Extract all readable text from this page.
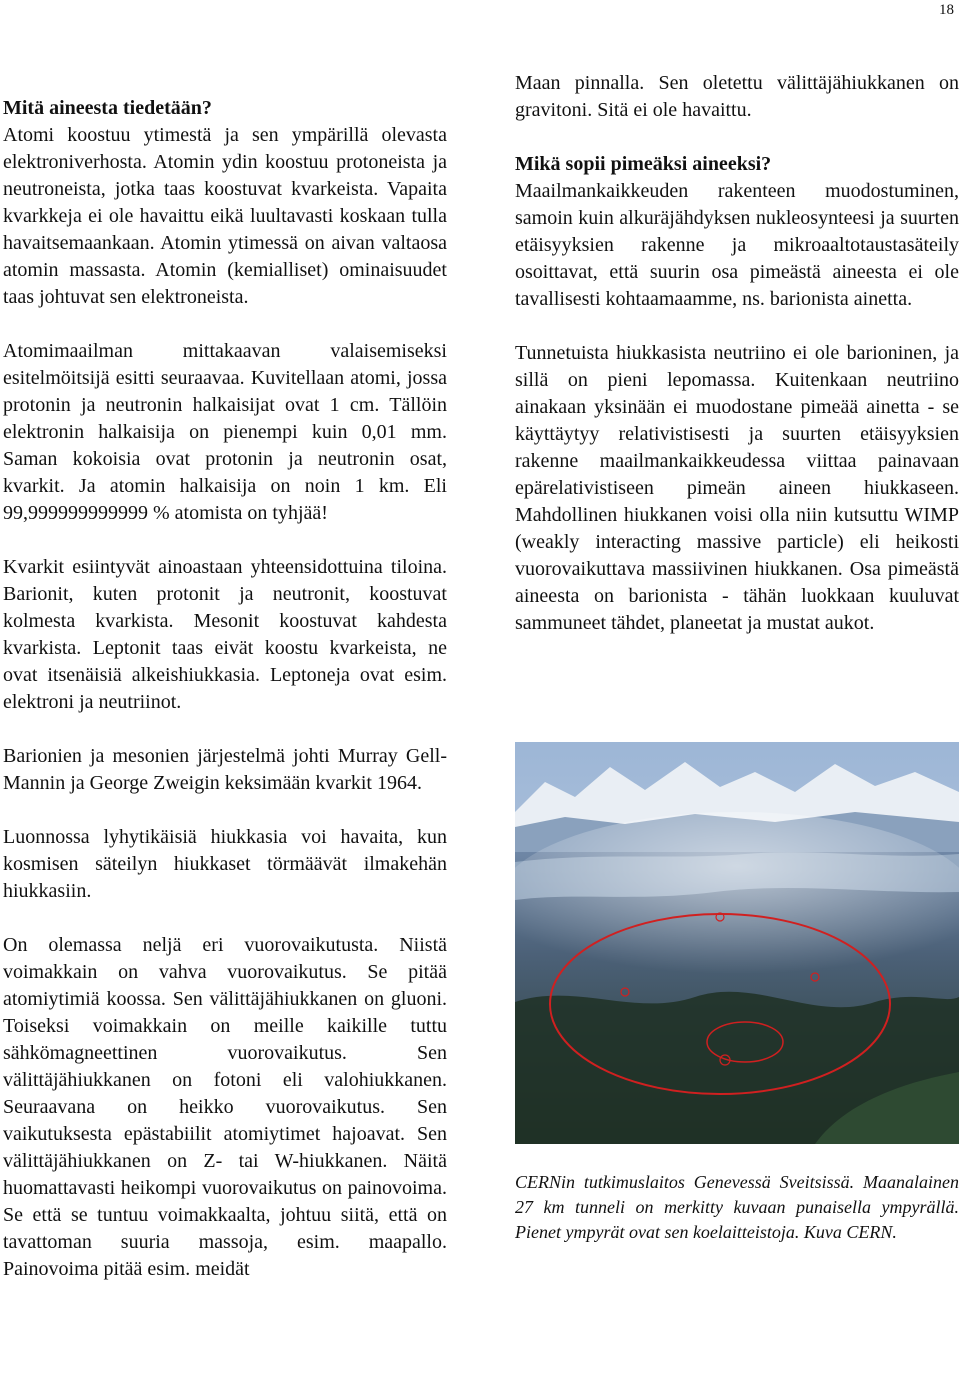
18

Mitä aineesta tiedetään?
Atomi koostuu ytimestä ja sen ympärillä olevasta elektroniverhosta. Atomin ydin koostuu protoneista ja neutroneista, jotka taas koostuvat kvarkeista. Vapaita kvarkkeja ei ole havaittu eikä luultavasti koskaan tulla havaitsemaankaan. Atomin ytimessä on aivan valtaosa atomin massasta. Atomin (kemialliset) ominaisuudet taas johtuvat sen elektroneista.

Atomimaailman mittakaavan valaisemiseksi esitelmöitsijä esitti seuraavaa. Kuvitellaan atomi, jossa protonin ja neutronin halkaisijat ovat 1 cm. Tällöin elektronin halkaisija on pienempi kuin 0,01 mm. Saman kokoisia ovat protonin ja neutronin osat, kvarkit. Ja atomin halkaisija on noin 1 km. Eli 99,999999999999 % atomista on tyhjää!

Kvarkit esiintyvät ainoastaan yhteensidottuina tiloina. Barionit, kuten protonit ja neutronit, koostuvat kolmesta kvarkista. Mesonit koostuvat kahdesta kvarkista. Leptonit taas eivät koostu kvarkeista, ne ovat itsenäisiä alkeishiukkasia. Leptoneja ovat esim. elektroni ja neutriinot.

Barionien ja mesonien järjestelmä johti Murray Gell-Mannin ja George Zweigin keksimään kvarkit 1964.

Luonnossa lyhytikäisiä hiukkasia voi havaita, kun kosmisen säteilyn hiukkaset törmäävät ilmakehän hiukkasiin.

On olemassa neljä eri vuorovaikutusta. Niistä voimakkain on vahva vuorovaikutus. Se pitää atomiytimiä koossa. Sen välittäjähiukkanen on gluoni. Toiseksi voimakkain on meille kaikille tuttu sähkömagneettinen vuorovaikutus. Sen välittäjähiukkanen on fotoni eli valohiukkanen. Seuraavana on heikko vuorovaikutus. Sen vaikutuksesta epästabiilit atomiytimet hajoavat. Sen välittäjähiukkanen on Z- tai W-hiukkanen. Näitä huomattavasti heikompi vuorovaikutus on painovoima. Se että se tuntuu voimakkaalta, johtuu siitä, että on tavattoman suuria massoja, esim. maapallo. Painovoima pitää esim. meidät

Maan pinnalla. Sen oletettu välittäjähiukkanen on gravitoni. Sitä ei ole havaittu.

Mikä sopii pimeäksi aineeksi?
Maailmankaikkeuden rakenteen muodostuminen, samoin kuin alkuräjähdyksen nukleosynteesi ja suurten etäisyyksien rakenne ja mikroaaltotaustasäteily osoittavat, että suurin osa pimeästä aineesta ei ole tavallisesti kohtaamaamme, ns. barionista ainetta.

Tunnetuista hiukkasista neutriino ei ole barioninen, ja sillä on pieni lepomassa. Kuitenkaan neutriino ainakaan yksinään ei muodostane pimeää ainetta - se käyttäytyy relativistisesti ja suurten etäisyyksien rakenne maailmankaikkeudessa viittaa painavaan epärelativistiseen pimeän aineen hiukkaseen. Mahdollinen hiukkanen voisi olla niin kutsuttu WIMP (weakly interacting massive particle) eli heikosti vuorovaikuttava massiivinen hiukkanen. Osa pimeästä aineesta on barionista - tähän luokkaan kuuluvat sammuneet tähdet, planeetat ja mustat aukot.

CERNin tutkimuslaitos Genevessä Sveitsissä. Maanalainen 27 km tunneli on merkitty kuvaan punaisella ympyrällä. Pienet ympyrät ovat sen koelaitteistoja. Kuva CERN.
